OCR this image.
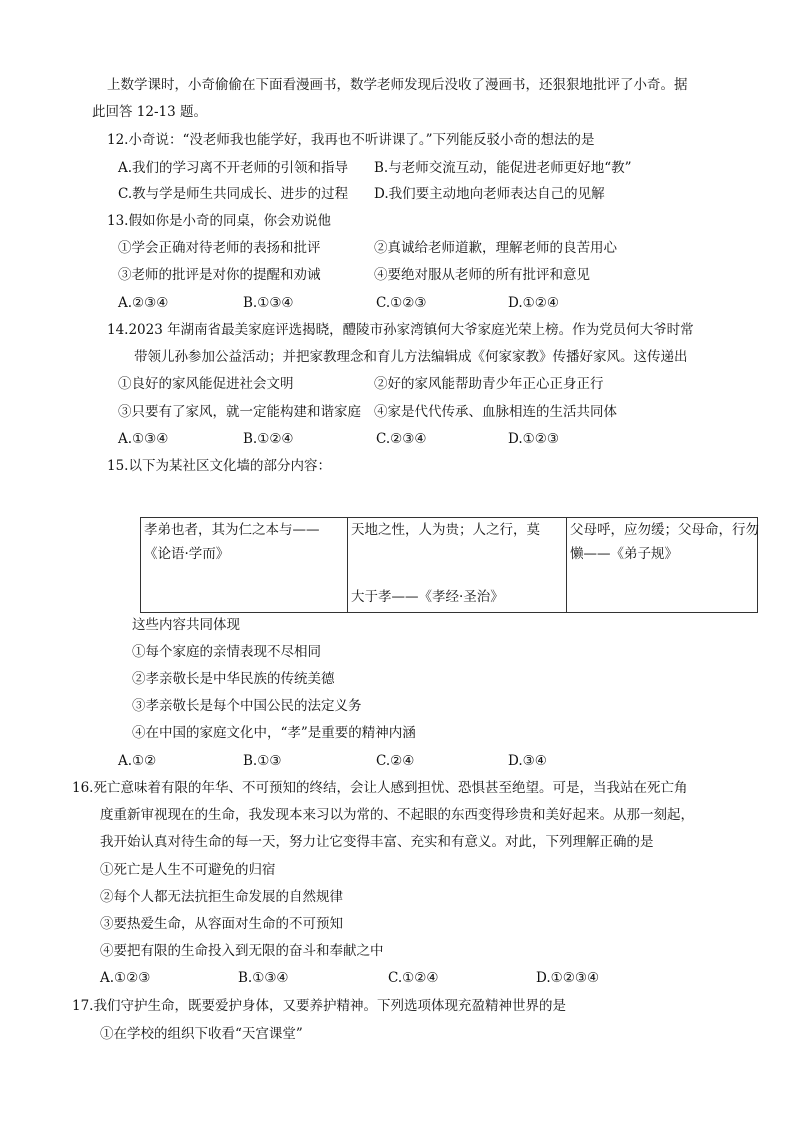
上数学课时，小奇偷偷在下面看漫画书，数学老师发现后没收了漫画书，还狠狠地批评了小奇。据
此回答 12-13 题。
12.小奇说：“没老师我也能学好，我再也不听讲课了。”下列能反驳小奇的想法的是
A.我们的学习离不开老师的引领和指导 B.与老师交流互动，能促进老师更好地“教”
C.教与学是师生共同成长、进步的过程 D.我们要主动地向老师表达自己的见解
13.假如你是小奇的同桌，你会劝说他
①学会正确对待老师的表扬和批评	②真诚给老师道歉，理解老师的良苦用心
③老师的批评是对你的提醒和劝诫	④要绝对服从老师的所有批评和意见
A.②③④	B.①③④	C.①②③	D.①②④
14.2023 年湖南省最美家庭评选揭晓，醴陵市孙家湾镇何大爷家庭光荣上榜。作为党员何大爷时常
带领儿孙参加公益活动；并把家教理念和育儿方法编辑成《何家家教》传播好家风。这传递出
①良好的家风能促进社会文明	②好的家风能帮助青少年正心正身正行
③只要有了家风，就一定能构建和谐家庭 ④家是代代传承、血脉相连的生活共同体
A.①③④	B.①②④	C.②③④	D.①②③
15.以下为某社区文化墙的部分内容：
孝弟也者，其为仁之本与——
《论语·学而》

天地之性，人为贵；人之行，莫
大于孝——《孝经·圣治》

父母呼，应勿缓；父母命，行勿
懒——《弟子规》
这些内容共同体现
①每个家庭的亲情表现不尽相同
②孝亲敬长是中华民族的传统美德
③孝亲敬长是每个中国公民的法定义务
④在中国的家庭文化中，“孝”是重要的精神内涵
A.①②	B.①③	C.②④	D.③④
16.死亡意味着有限的年华、不可预知的终结，会让人感到担忧、恐惧甚至绝望。可是，当我站在死亡角
度重新审视现在的生命，我发现本来习以为常的、不起眼的东西变得珍贵和美好起来。从那一刻起，
我开始认真对待生命的每一天，努力让它变得丰富、充实和有意义。对此，下列理解正确的是
①死亡是人生不可避免的归宿
②每个人都无法抗拒生命发展的自然规律
③要热爱生命，从容面对生命的不可预知
④要把有限的生命投入到无限的奋斗和奉献之中
A.①②③	B.①③④	C.①②④	D.①②③④
17.我们守护生命，既要爱护身体，又要养护精神。下列选项体现充盈精神世界的是
①在学校的组织下收看“天宫课堂”
